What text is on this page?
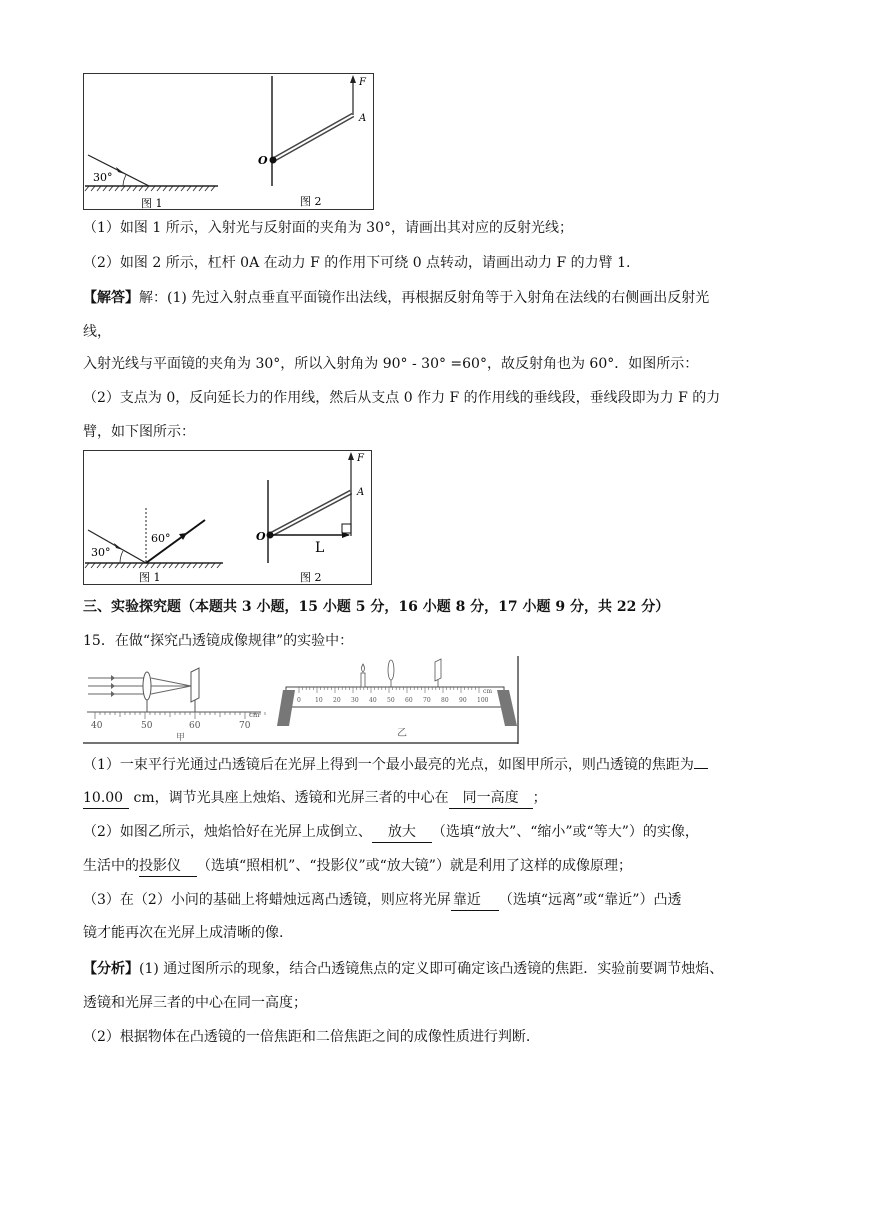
30°
图 1
F
A
O
图 2
（1）如图 1 所示，入射光与反射面的夹角为 30°，请画出其对应的反射光线；
（2）如图 2 所示，杠杆 0A 在动力 F 的作用下可绕 0 点转动，请画出动力 F 的力臂 1.
【解答】解：(1) 先过入射点垂直平面镜作出法线，再根据反射角等于入射角在法线的右侧画出反射光
线，
入射光线与平面镜的夹角为 30°，所以入射角为 90° - 30° =60°，故反射角也为 60°．如图所示：
（2）支点为 0，反向延长力的作用线，然后从支点 0 作力 F 的作用线的垂线段，垂线段即为力 F 的力
臂，如下图所示：
30°
60°
图 1
F
A
O
L
图 2
三、实验探究题（本题共 3 小题，15 小题 5 分，16 小题 8 分，17 小题 9 分，共 22 分）
15．在做“探究凸透镜成像规律”的实验中：
40	50	60	70
cm
甲
cm
乙
0 10 20 30 40 50 60 70 80 90 100
（1）一束平行光通过凸透镜后在光屏上得到一个最小最亮的光点，如图甲所示，则凸透镜的焦距为
10.00 cm，调节光具座上烛焰、透镜和光屏三者的中心在 同一高度 ；
（2）如图乙所示，烛焰恰好在光屏上成倒立、 放大 （选填“放大”、“缩小”或“等大”）的实像，
生活中的投影仪 （选填“照相机”、“投影仪”或“放大镜”）就是利用了这样的成像原理；
（3）在（2）小问的基础上将蜡烛远离凸透镜，则应将光屏 靠近 （选填“远离”或“靠近”）凸透
镜才能再次在光屏上成清晰的像.
【分析】(1) 通过图所示的现象，结合凸透镜焦点的定义即可确定该凸透镜的焦距．实验前要调节烛焰、
透镜和光屏三者的中心在同一高度；
（2）根据物体在凸透镜的一倍焦距和二倍焦距之间的成像性质进行判断.
